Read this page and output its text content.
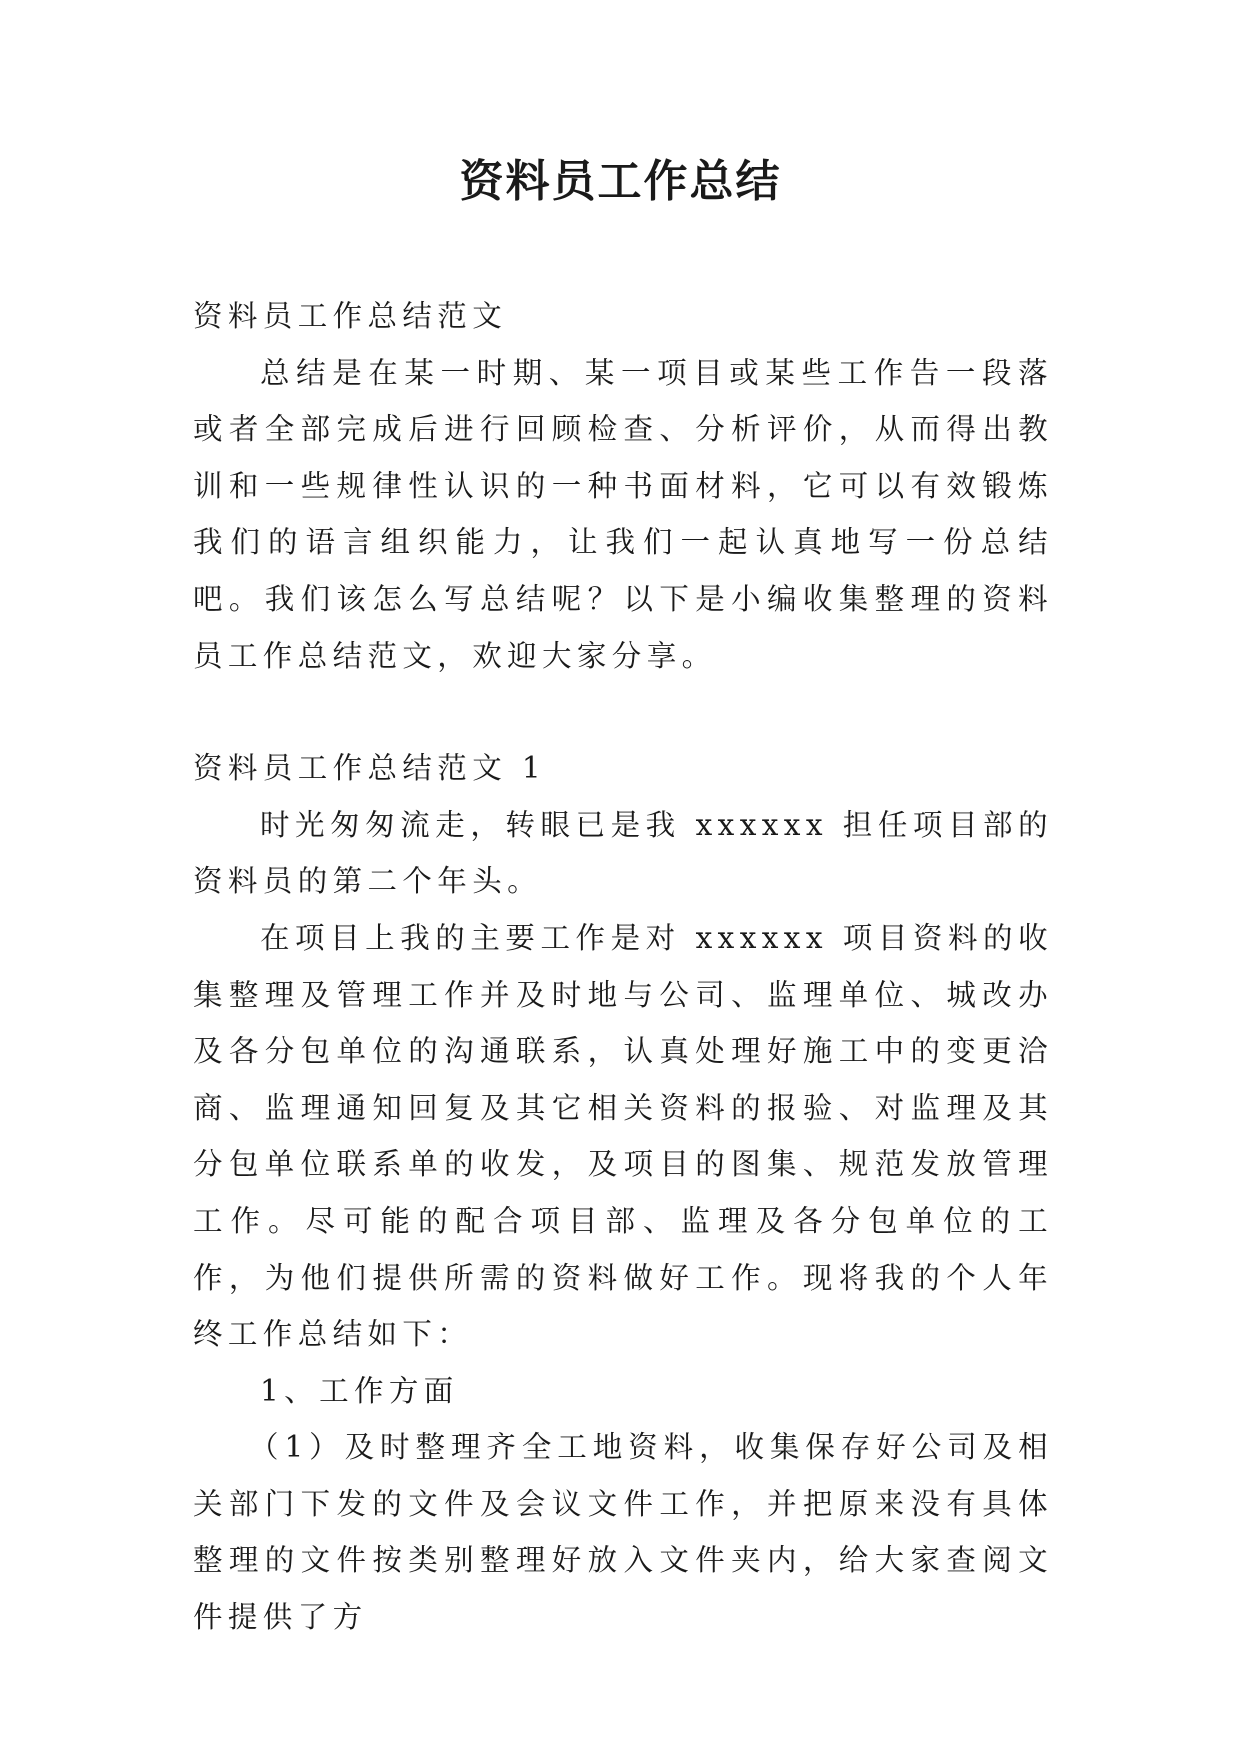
资料员工作总结

资料员工作总结范文

总结是在某一时期、某一项目或某些工作告一段落或者全部完成后进行回顾检查、分析评价，从而得出教训和一些规律性认识的一种书面材料，它可以有效锻炼我们的语言组织能力，让我们一起认真地写一份总结吧。我们该怎么写总结呢？以下是小编收集整理的资料员工作总结范文，欢迎大家分享。

资料员工作总结范文 1

时光匆匆流走，转眼已是我 xxxxxx 担任项目部的资料员的第二个年头。

在项目上我的主要工作是对 xxxxxx 项目资料的收集整理及管理工作并及时地与公司、监理单位、城改办及各分包单位的沟通联系，认真处理好施工中的变更洽商、监理通知回复及其它相关资料的报验、对监理及其分包单位联系单的收发，及项目的图集、规范发放管理工作。尽可能的配合项目部、监理及各分包单位的工作，为他们提供所需的资料做好工作。现将我的个人年终工作总结如下：

1、工作方面

（1）及时整理齐全工地资料，收集保存好公司及相关部门下发的文件及会议文件工作，并把原来没有具体整理的文件按类别整理好放入文件夹内，给大家查阅文件提供了方
